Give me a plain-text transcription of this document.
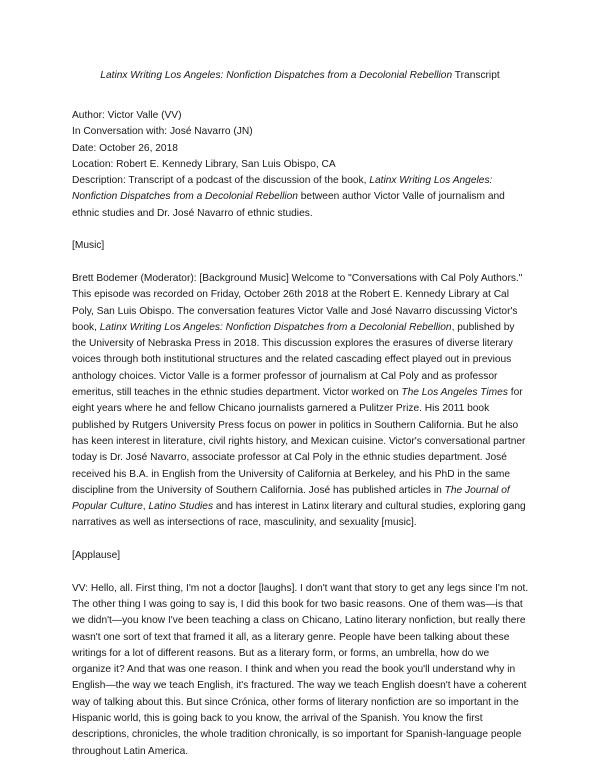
Latinx Writing Los Angeles: Nonfiction Dispatches from a Decolonial Rebellion Transcript

Author: Victor Valle (VV)

In Conversation with: José Navarro (JN)

Date: October 26, 2018

Location: Robert E. Kennedy Library, San Luis Obispo, CA

Description: Transcript of a podcast of the discussion of the book, Latinx Writing Los Angeles: Nonfiction Dispatches from a Decolonial Rebellion between author Victor Valle of journalism and ethnic studies and Dr. José Navarro of ethnic studies.

[Music]

Brett Bodemer (Moderator): [Background Music] Welcome to "Conversations with Cal Poly Authors." This episode was recorded on Friday, October 26th 2018 at the Robert E. Kennedy Library at Cal Poly, San Luis Obispo. The conversation features Victor Valle and José Navarro discussing Victor's book, Latinx Writing Los Angeles: Nonfiction Dispatches from a Decolonial Rebellion, published by the University of Nebraska Press in 2018. This discussion explores the erasures of diverse literary voices through both institutional structures and the related cascading effect played out in previous anthology choices. Victor Valle is a former professor of journalism at Cal Poly and as professor emeritus, still teaches in the ethnic studies department. Victor worked on The Los Angeles Times for eight years where he and fellow Chicano journalists garnered a Pulitzer Prize. His 2011 book published by Rutgers University Press focus on power in politics in Southern California. But he also has keen interest in literature, civil rights history, and Mexican cuisine. Victor's conversational partner today is Dr. José Navarro, associate professor at Cal Poly in the ethnic studies department. José received his B.A. in English from the University of California at Berkeley, and his PhD in the same discipline from the University of Southern California. José has published articles in The Journal of Popular Culture, Latino Studies and has interest in Latinx literary and cultural studies, exploring gang narratives as well as intersections of race, masculinity, and sexuality [music].

[Applause]

VV: Hello, all. First thing, I'm not a doctor [laughs]. I don't want that story to get any legs since I'm not. The other thing I was going to say is, I did this book for two basic reasons. One of them was—is that we didn't—you know I've been teaching a class on Chicano, Latino literary nonfiction, but really there wasn't one sort of text that framed it all, as a literary genre. People have been talking about these writings for a lot of different reasons. But as a literary form, or forms, an umbrella, how do we organize it? And that was one reason. I think and when you read the book you'll understand why in English—the way we teach English, it's fractured. The way we teach English doesn't have a coherent way of talking about this. But since Crónica, other forms of literary nonfiction are so important in the Hispanic world, this is going back to you know, the arrival of the Spanish. You know the first descriptions, chronicles, the whole tradition chronically, is so important for Spanish-language people throughout Latin America.
